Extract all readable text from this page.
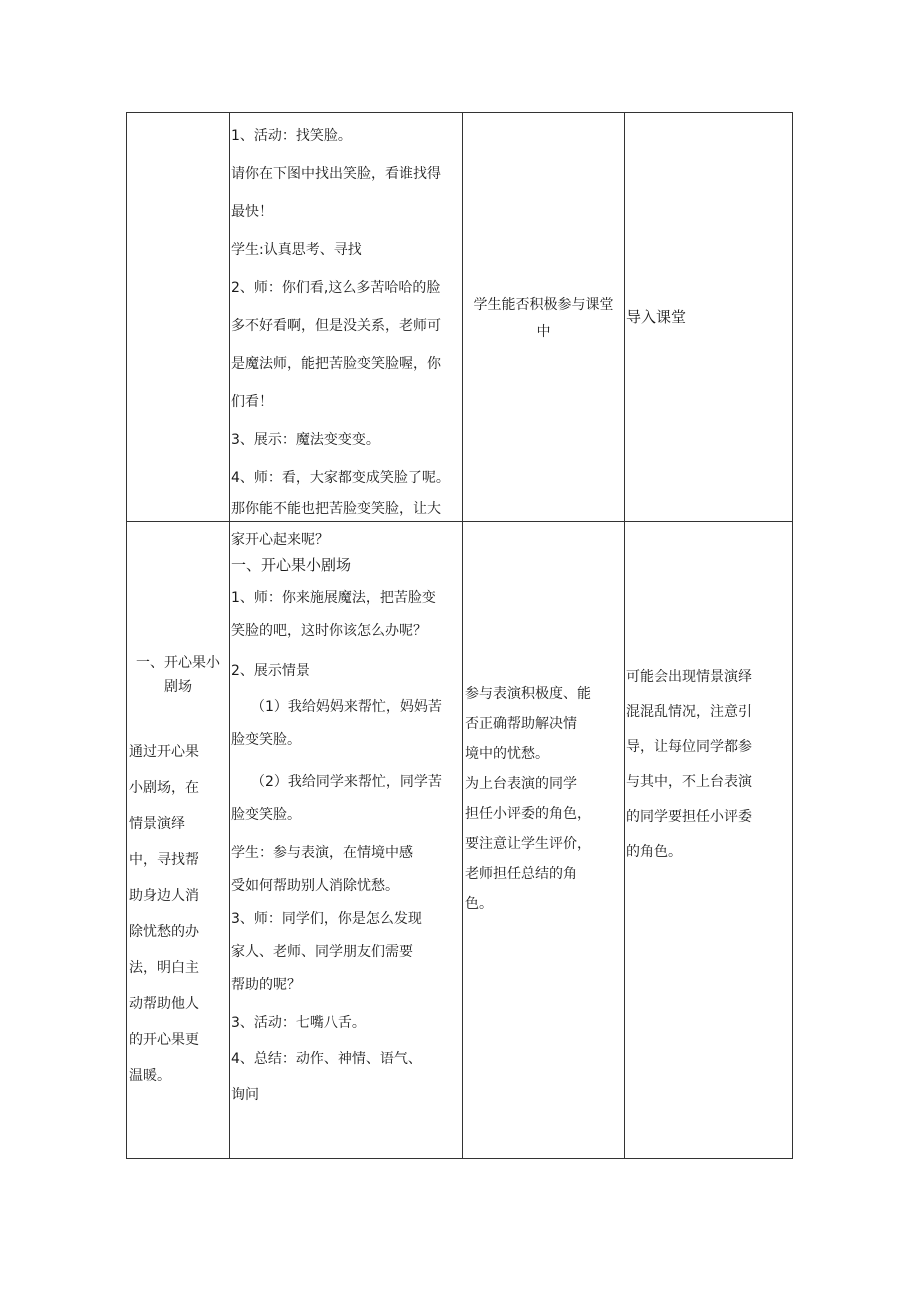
1、活动：找笑脸。
请你在下图中找出笑脸，看谁找得
最快！
学生:认真思考、寻找
2、师：你们看,这么多苦哈哈的脸
多不好看啊，但是没关系，老师可
是魔法师，能把苦脸变笑脸喔，你
们看！
3、展示：魔法变变变。
4、师：看，大家都变成笑脸了呢。
那你能不能也把苦脸变笑脸，让大
家开心起来呢？
学生能否积极参与课堂
中
导入课堂
一、开心果小
剧场
通过开心果
小剧场，在
情景演绎
中，寻找帮
助身边人消
除忧愁的办
法，明白主
动帮助他人
的开心果更
温暖。
一、开心果小剧场
1、师：你来施展魔法，把苦脸变
笑脸的吧，这时你该怎么办呢？
2、展示情景
（1）我给妈妈来帮忙，妈妈苦
脸变笑脸。
（2）我给同学来帮忙，同学苦
脸变笑脸。
学生：参与表演，在情境中感
受如何帮助别人消除忧愁。
3、师：同学们，你是怎么发现
家人、老师、同学朋友们需要
帮助的呢？
3、活动：七嘴八舌。
4、总结：动作、神情、语气、
询问
参与表演积极度、能
否正确帮助解决情
境中的忧愁。
为上台表演的同学
担任小评委的角色，
要注意让学生评价，
老师担任总结的角
色。
可能会出现情景演绎
混混乱情况，注意引
导，让每位同学都参
与其中，不上台表演
的同学要担任小评委
的角色。
